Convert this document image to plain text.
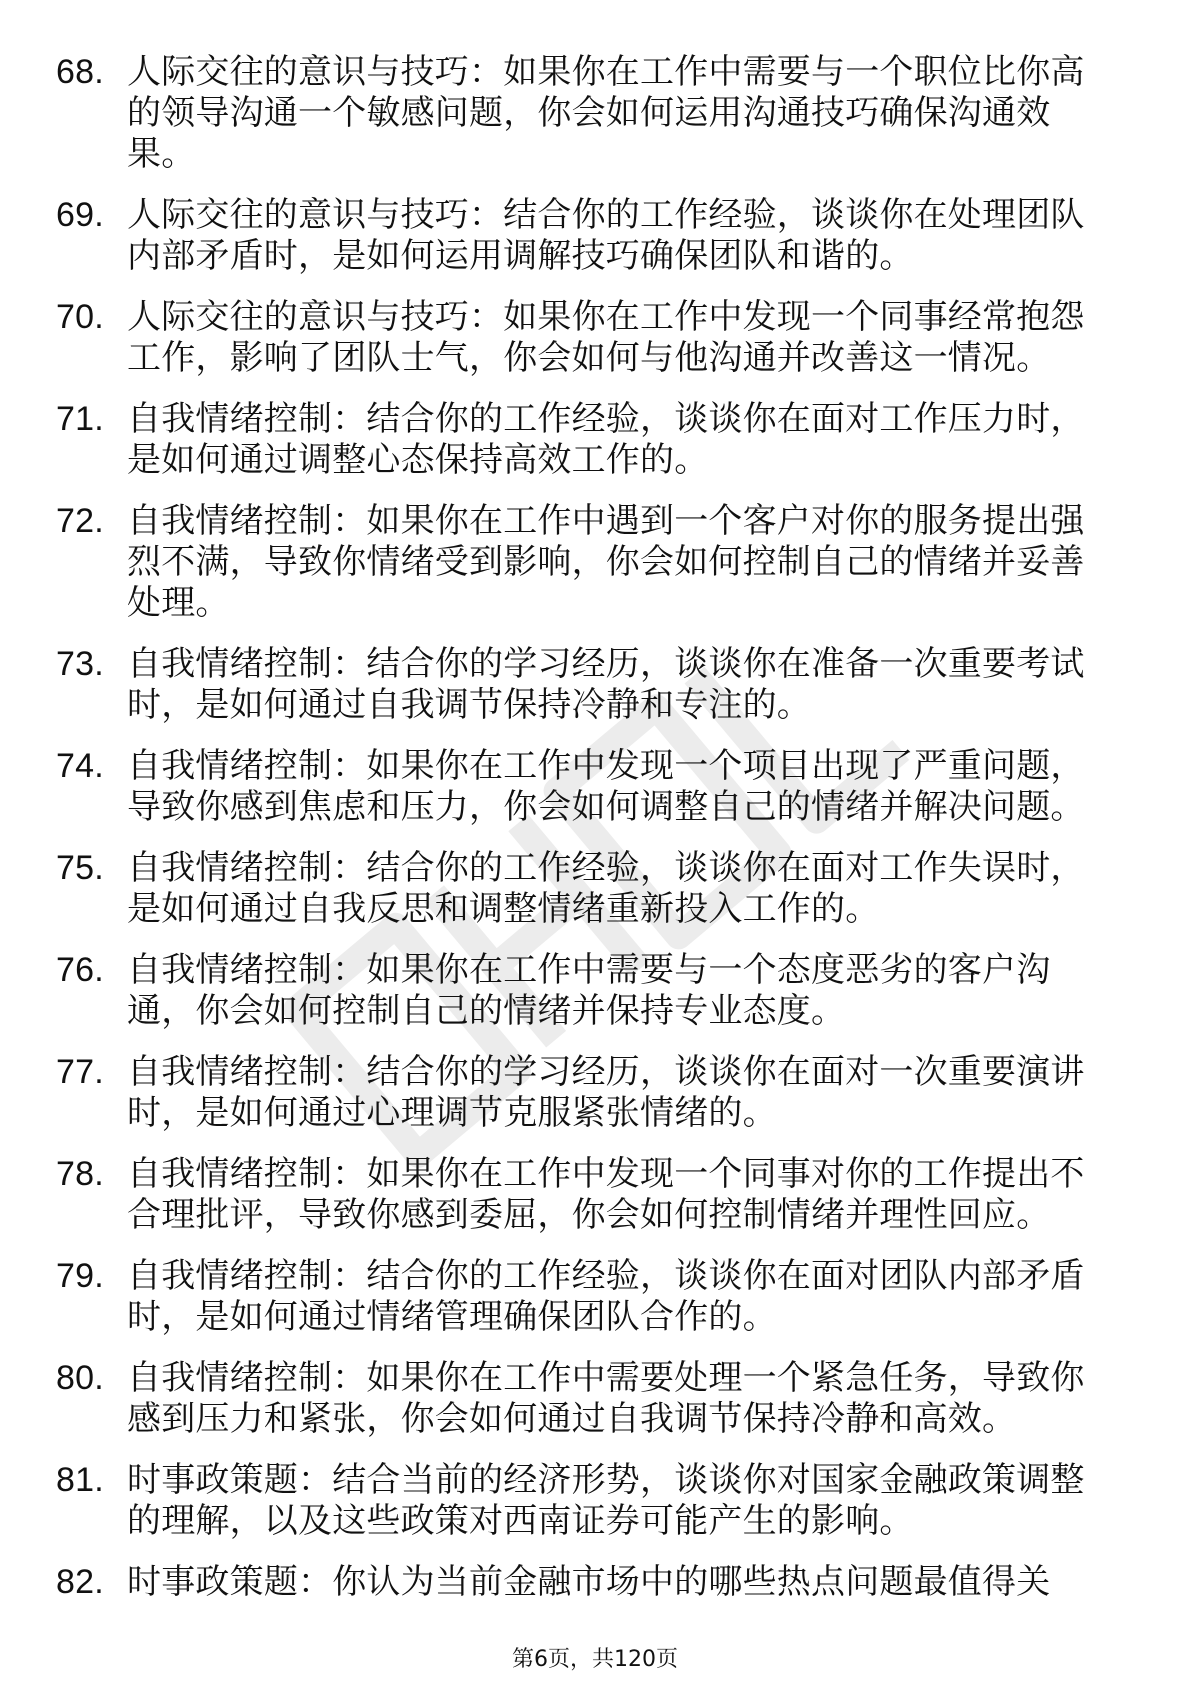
68. 人际交往的意识与技巧：如果你在工作中需要与一个职位比你高的领导沟通一个敏感问题，你会如何运用沟通技巧确保沟通效果。
69. 人际交往的意识与技巧：结合你的工作经验，谈谈你在处理团队内部矛盾时，是如何运用调解技巧确保团队和谐的。
70. 人际交往的意识与技巧：如果你在工作中发现一个同事经常抱怨工作，影响了团队士气，你会如何与他沟通并改善这一情况。
71. 自我情绪控制：结合你的工作经验，谈谈你在面对工作压力时，是如何通过调整心态保持高效工作的。
72. 自我情绪控制：如果你在工作中遇到一个客户对你的服务提出强烈不满，导致你情绪受到影响，你会如何控制自己的情绪并妥善处理。
73. 自我情绪控制：结合你的学习经历，谈谈你在准备一次重要考试时，是如何通过自我调节保持冷静和专注的。
74. 自我情绪控制：如果你在工作中发现一个项目出现了严重问题，导致你感到焦虑和压力，你会如何调整自己的情绪并解决问题。
75. 自我情绪控制：结合你的工作经验，谈谈你在面对工作失误时，是如何通过自我反思和调整情绪重新投入工作的。
76. 自我情绪控制：如果你在工作中需要与一个态度恶劣的客户沟通，你会如何控制自己的情绪并保持专业态度。
77. 自我情绪控制：结合你的学习经历，谈谈你在面对一次重要演讲时，是如何通过心理调节克服紧张情绪的。
78. 自我情绪控制：如果你在工作中发现一个同事对你的工作提出不合理批评，导致你感到委屈，你会如何控制情绪并理性回应。
79. 自我情绪控制：结合你的工作经验，谈谈你在面对团队内部矛盾时，是如何通过情绪管理确保团队合作的。
80. 自我情绪控制：如果你在工作中需要处理一个紧急任务，导致你感到压力和紧张，你会如何通过自我调节保持冷静和高效。
81. 时事政策题：结合当前的经济形势，谈谈你对国家金融政策调整的理解，以及这些政策对西南证券可能产生的影响。
82. 时事政策题：你认为当前金融市场中的哪些热点问题最值得关
第6页，共120页
